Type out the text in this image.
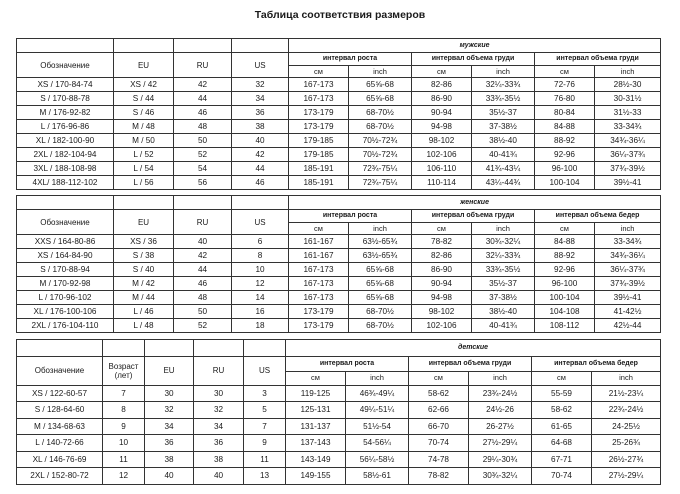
Таблица соответствия размеров
				мужские					
Обозначение	EU	RU	US	интервал роста		интервал объема груди		интервал объема груди	
				см	inch	см	inch	см	inch
XS / 170-84-74	XS / 42	42	32	167-173	65⅝-68	82-86	32¼-33¾	72-76	28½-30
S / 170-88-78	S / 44	44	34	167-173	65⅝-68	86-90	33¾-35½	76-80	30-31½
M / 176-92-82	S / 46	46	36	173-179	68-70½	90-94	35½-37	80-84	31½-33
L / 176-96-86	M / 48	48	38	173-179	68-70½	94-98	37-38½	84-88	33-34¾
XL / 182-100-90	M / 50	50	40	179-185	70½-72¾	98-102	38½-40	88-92	34¾-36¼
2XL / 182-104-94	L / 52	52	42	179-185	70½-72¾	102-106	40-41¾	92-96	36¼-37¾
3XL / 188-108-98	L / 54	54	44	185-191	72¾-75¼	106-110	41¾-43¼	96-100	37¾-39½
4XL/ 188-112-102	L / 56	56	46	185-191	72¾-75¼	110-114	43¼-44¾	100-104	39½-41
				женские					
Обозначение	EU	RU	US	интервал роста		интервал объема груди		интервал объема бедер	
				см	inch	см	inch	см	inch
XXS / 164-80-86	XS / 36	40	6	161-167	63½-65¾	78-82	30¾-32¼	84-88	33-34¾
XS / 164-84-90	S / 38	42	8	161-167	63½-65¾	82-86	32¼-33¾	88-92	34¾-36¼
S / 170-88-94	S / 40	44	10	167-173	65⅝-68	86-90	33¾-35½	92-96	36¼-37¾
M / 170-92-98	M / 42	46	12	167-173	65⅝-68	90-94	35½-37	96-100	37¾-39½
L / 170-96-102	M / 44	48	14	167-173	65⅝-68	94-98	37-38½	100-104	39½-41
XL / 176-100-106	L / 46	50	16	173-179	68-70½	98-102	38½-40	104-108	41-42½
2XL / 176-104-110	L / 48	52	18	173-179	68-70½	102-106	40-41¾	108-112	42½-44
					детские					
Обозначение	Возраст (лет)	EU	RU	US	интервал роста		интервал объема груди		интервал объема бедер	
					см	inch	см	inch	см	inch
XS / 122-60-57	7	30	30	3	119-125	46¾-49¼	58-62	23¾-24½	55-59	21½-23¼
S / 128-64-60	8	32	32	5	125-131	49¼-51¼	62-66	24½-26	58-62	22¾-24½
M / 134-68-63	9	34	34	7	131-137	51½-54	66-70	26-27½	61-65	24-25½
L / 140-72-66	10	36	36	9	137-143	54-56¼	70-74	27½-29¼	64-68	25-26¾
XL / 146-76-69	11	38	38	11	143-149	56¼-58½	74-78	29¼-30¾	67-71	26½-27¾
2XL / 152-80-72	12	40	40	13	149-155	58½-61	78-82	30¾-32¼	70-74	27½-29¼
